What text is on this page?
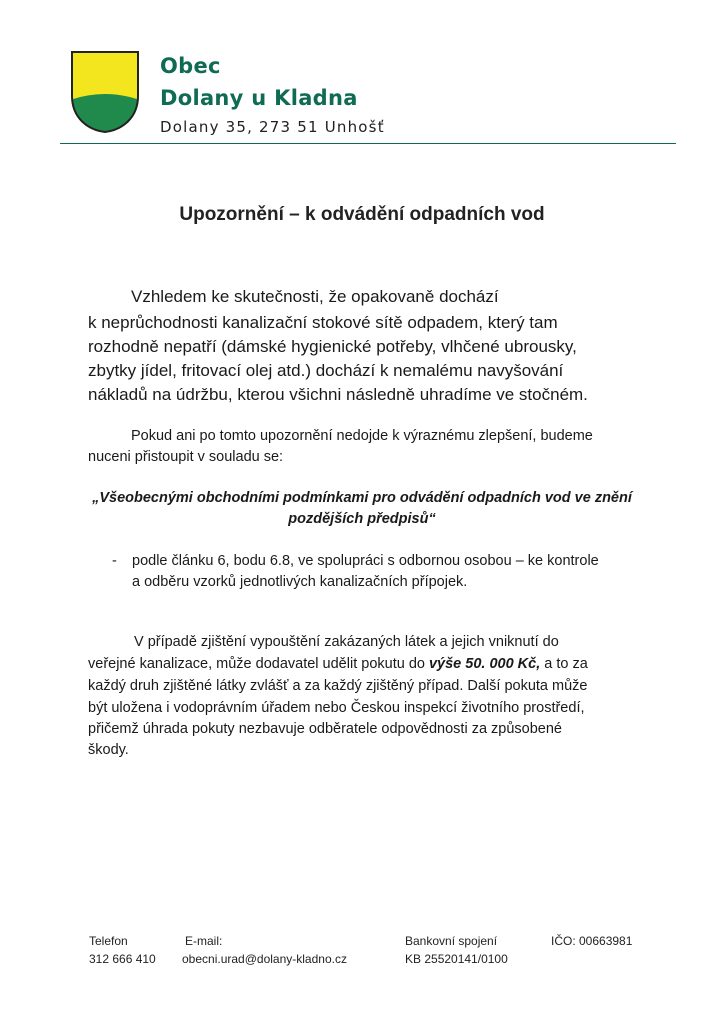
Obec
Dolany u Kladna
Dolany 35, 273 51 Unhošť
Upozornění – k odvádění odpadních vod
Vzhledem ke skutečnosti, že opakovaně dochází
k neprůchodnosti kanalizační stokové sítě odpadem, který tam
rozhodně nepatří (dámské hygienické potřeby, vlhčené ubrousky,
zbytky jídel, fritovací olej atd.) dochází k nemalému navyšování
nákladů na údržbu, kterou všichni následně uhradíme ve stočném.
Pokud ani po tomto upozornění nedojde k výraznému zlepšení, budeme
nuceni přistoupit v souladu se:
„Všeobecnými obchodními podmínkami pro odvádění odpadních vod ve znění
pozdějších předpisů“
- podle článku 6, bodu 6.8, ve spolupráci s odbornou osobou – ke kontrole
a odběru vzorků jednotlivých kanalizačních přípojek.
V případě zjištění vypouštění zakázaných látek a jejich vniknutí do
veřejné kanalizace, může dodavatel udělit pokutu do výše 50. 000 Kč, a to za
každý druh zjištěné látky zvlášť a za každý zjištěný případ. Další pokuta může
být uložena i vodoprávním úřadem nebo Českou inspekcí životního prostředí,
přičemž úhrada pokuty nezbavuje odběratele odpovědnosti za způsobené
škody.
Telefon
312 666 410
E-mail:
obecni.urad@dolany-kladno.cz
Bankovní spojení
KB 25520141/0100
IČO: 00663981
